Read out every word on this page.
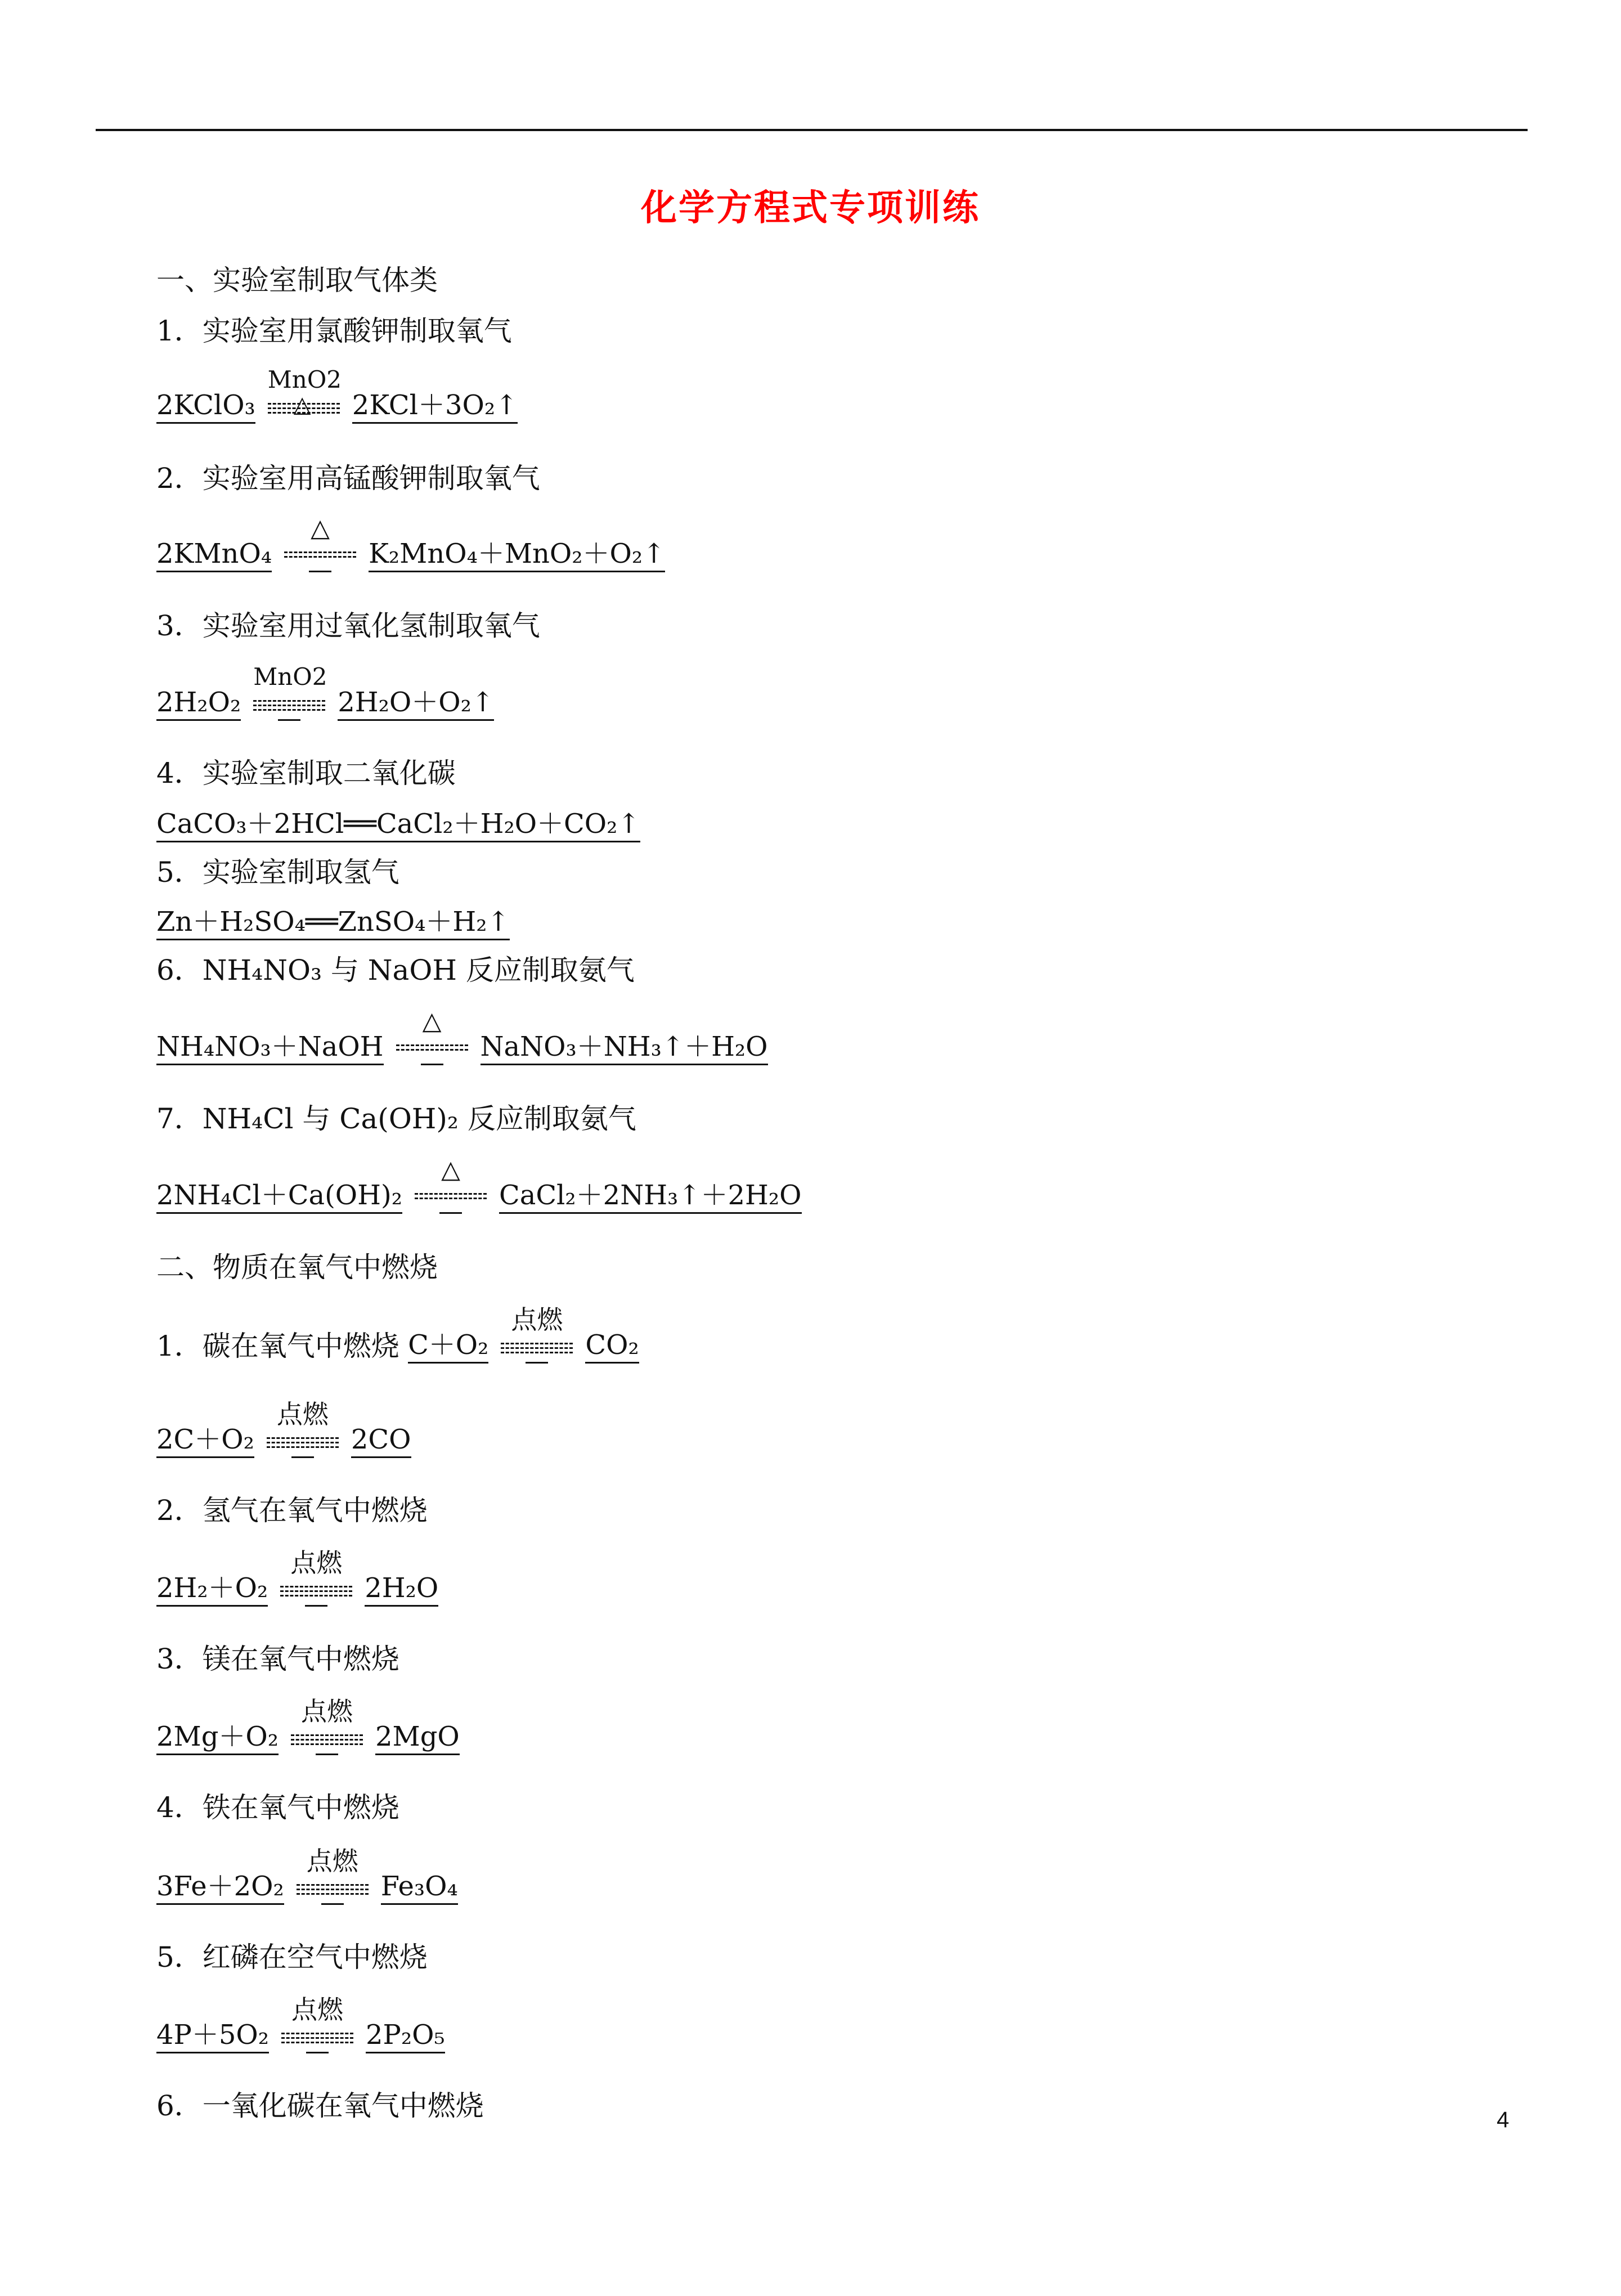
化学方程式专项训练
一、实验室制取气体类
1．实验室用氯酸钾制取氧气
2KClO₃
MnO2
△ 2KCl＋3O₂↑
2．实验室用高锰酸钾制取氧气
2KMnO₄
△
K₂MnO₄＋MnO₂＋O₂↑
3．实验室用过氧化氢制取氧气
2H₂O₂
MnO2
2H₂O＋O₂↑
4．实验室制取二氧化碳
CaCO₃＋2HCl══CaCl₂＋H₂O＋CO₂↑
5．实验室制取氢气
Zn＋H₂SO₄══ZnSO₄＋H₂↑
6．NH₄NO₃ 与 NaOH 反应制取氨气
NH₄NO₃＋NaOH
△
NaNO₃＋NH₃↑＋H₂O
7．NH₄Cl 与 Ca(OH)₂ 反应制取氨气
2NH₄Cl＋Ca(OH)₂
△
CaCl₂＋2NH₃↑＋2H₂O
二、物质在氧气中燃烧
1．碳在氧气中燃烧 C＋O₂
点燃
CO₂
2C＋O₂
点燃
2CO
2．氢气在氧气中燃烧
2H₂＋O₂
点燃
2H₂O
3．镁在氧气中燃烧
2Mg＋O₂
点燃
2MgO
4．铁在氧气中燃烧
3Fe＋2O₂
点燃
Fe₃O₄
5．红磷在空气中燃烧
4P＋5O₂
点燃
2P₂O₅
6．一氧化碳在氧气中燃烧	4
